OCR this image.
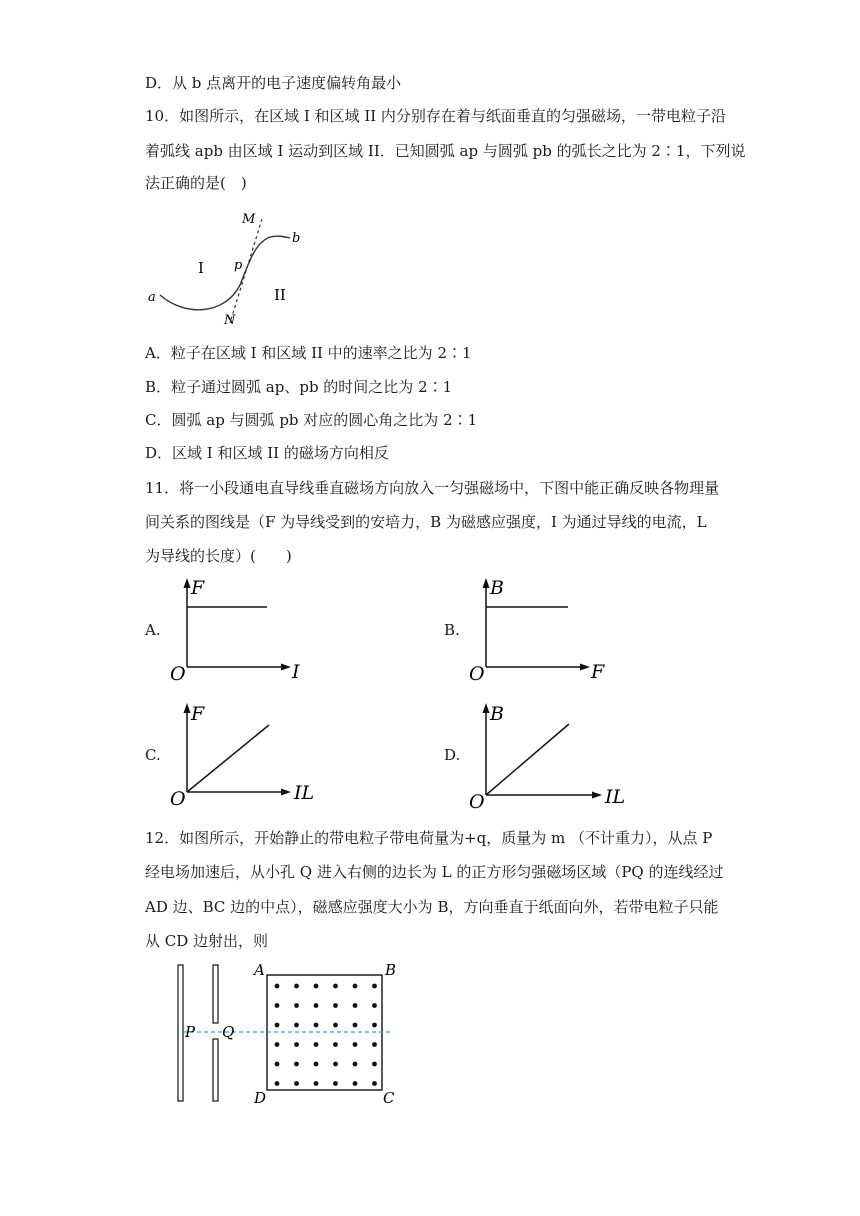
D．从 b 点离开的电子速度偏转角最小
10．如图所示，在区域 I 和区域 II 内分别存在着与纸面垂直的匀强磁场，一带电粒子沿
着弧线 apb 由区域 I 运动到区域 II．已知圆弧 ap 与圆弧 pb 的弧长之比为 2∶1，下列说
法正确的是(　)
M
N
p
a
b
I
II
A．粒子在区域 I 和区域 II 中的速率之比为 2∶1
B．粒子通过圆弧 ap、pb 的时间之比为 2∶1
C．圆弧 ap 与圆弧 pb 对应的圆心角之比为 2∶1
D．区域 I 和区域 II 的磁场方向相反
11．将一小段通电直导线垂直磁场方向放入一匀强磁场中，下图中能正确反映各物理量
间关系的图线是（F 为导线受到的安培力，B 为磁感应强度，I 为通过导线的电流，L
为导线的长度）(　　)
A.
F
I
O
B.
B
F
O
C.
F
IL
O
D.
B
IL
O
12．如图所示，开始静止的带电粒子带电荷量为+q，质量为 m （不计重力），从点 P
经电场加速后，从小孔 Q 进入右侧的边长为 L 的正方形匀强磁场区域（PQ 的连线经过
AD 边、BC 边的中点），磁感应强度大小为 B，方向垂直于纸面向外，若带电粒子只能
从 CD 边射出，则
P Q
A	B
C
D
